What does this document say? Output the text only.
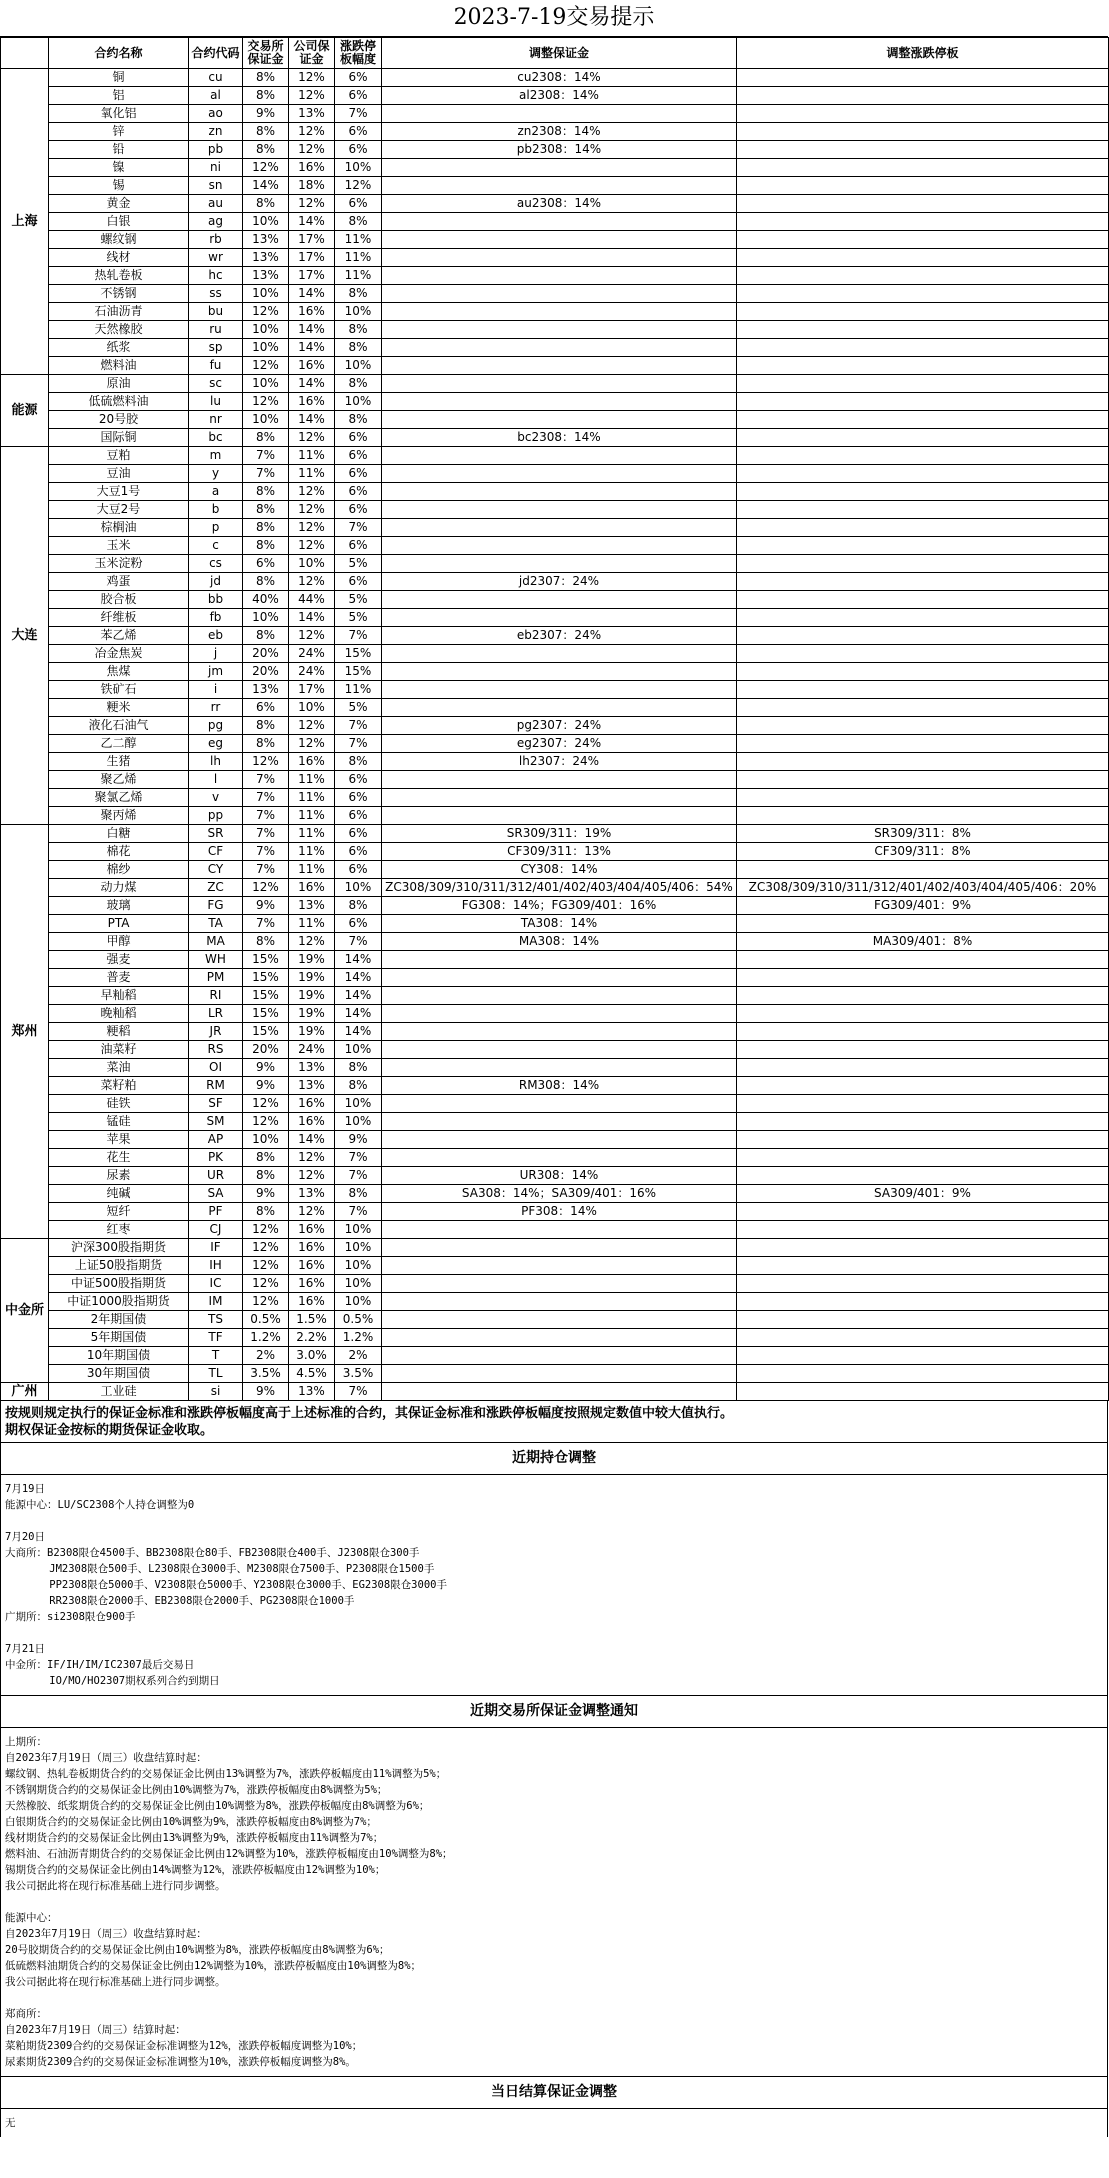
2023-7-19交易提示
	合约名称	合约代码	交易所保证金	公司保证金	涨跌停板幅度	调整保证金	调整涨跌停板
上海	铜	cu	8%	12%	6%	cu2308：14%	
	铝	al	8%	12%	6%	al2308：14%	
	氧化铝	ao	9%	13%	7%		
	锌	zn	8%	12%	6%	zn2308：14%	
	铅	pb	8%	12%	6%	pb2308：14%	
	镍	ni	12%	16%	10%		
	锡	sn	14%	18%	12%		
	黄金	au	8%	12%	6%	au2308：14%	
	白银	ag	10%	14%	8%		
	螺纹钢	rb	13%	17%	11%		
	线材	wr	13%	17%	11%		
	热轧卷板	hc	13%	17%	11%		
	不锈钢	ss	10%	14%	8%		
	石油沥青	bu	12%	16%	10%		
	天然橡胶	ru	10%	14%	8%		
	纸浆	sp	10%	14%	8%		
	燃料油	fu	12%	16%	10%		
能源	原油	sc	10%	14%	8%		
	低硫燃料油	lu	12%	16%	10%		
	20号胶	nr	10%	14%	8%		
	国际铜	bc	8%	12%	6%	bc2308：14%	
大连	豆粕	m	7%	11%	6%		
	豆油	y	7%	11%	6%		
	大豆1号	a	8%	12%	6%		
	大豆2号	b	8%	12%	6%		
	棕榈油	p	8%	12%	7%		
	玉米	c	8%	12%	6%		
	玉米淀粉	cs	6%	10%	5%		
	鸡蛋	jd	8%	12%	6%	jd2307：24%	
	胶合板	bb	40%	44%	5%		
	纤维板	fb	10%	14%	5%		
	苯乙烯	eb	8%	12%	7%	eb2307：24%	
	冶金焦炭	j	20%	24%	15%		
	焦煤	jm	20%	24%	15%		
	铁矿石	i	13%	17%	11%		
	粳米	rr	6%	10%	5%		
	液化石油气	pg	8%	12%	7%	pg2307：24%	
	乙二醇	eg	8%	12%	7%	eg2307：24%	
	生猪	lh	12%	16%	8%	lh2307：24%	
	聚乙烯	l	7%	11%	6%		
	聚氯乙烯	v	7%	11%	6%		
	聚丙烯	pp	7%	11%	6%		
郑州	白糖	SR	7%	11%	6%	SR309/311：19%	SR309/311：8%
	棉花	CF	7%	11%	6%	CF309/311：13%	CF309/311：8%
	棉纱	CY	7%	11%	6%	CY308：14%	
	动力煤	ZC	12%	16%	10%	ZC308/309/310/311/312/401/402/403/404/405/406：54%	ZC308/309/310/311/312/401/402/403/404/405/406：20%
	玻璃	FG	9%	13%	8%	FG308：14%；FG309/401：16%	FG309/401：9%
	PTA	TA	7%	11%	6%	TA308：14%	
	甲醇	MA	8%	12%	7%	MA308：14%	MA309/401：8%
	强麦	WH	15%	19%	14%		
	普麦	PM	15%	19%	14%		
	早籼稻	RI	15%	19%	14%		
	晚籼稻	LR	15%	19%	14%		
	粳稻	JR	15%	19%	14%		
	油菜籽	RS	20%	24%	10%		
	菜油	OI	9%	13%	8%		
	菜籽粕	RM	9%	13%	8%	RM308：14%	
	硅铁	SF	12%	16%	10%		
	锰硅	SM	12%	16%	10%		
	苹果	AP	10%	14%	9%		
	花生	PK	8%	12%	7%		
	尿素	UR	8%	12%	7%	UR308：14%	
	纯碱	SA	9%	13%	8%	SA308：14%；SA309/401：16%	SA309/401：9%
	短纤	PF	8%	12%	7%	PF308：14%	
	红枣	CJ	12%	16%	10%		
中金所	沪深300股指期货	IF	12%	16%	10%		
	上证50股指期货	IH	12%	16%	10%		
	中证500股指期货	IC	12%	16%	10%		
	中证1000股指期货	IM	12%	16%	10%		
	2年期国债	TS	0.5%	1.5%	0.5%		
	5年期国债	TF	1.2%	2.2%	1.2%		
	10年期国债	T	2%	3.0%	2%		
	30年期国债	TL	3.5%	4.5%	3.5%		
广州	工业硅	si	9%	13%	7%		
按规则规定执行的保证金标准和涨跌停板幅度高于上述标准的合约，其保证金标准和涨跌停板幅度按照规定数值中较大值执行。
期权保证金按标的期货保证金收取。
近期持仓调整
7月19日
能源中心：LU/SC2308个人持仓调整为0
7月20日
大商所：B2308限仓4500手、BB2308限仓80手、FB2308限仓400手、J2308限仓300手
JM2308限仓500手、L2308限仓3000手、M2308限仓7500手、P2308限仓1500手
PP2308限仓5000手、V2308限仓5000手、Y2308限仓3000手、EG2308限仓3000手
RR2308限仓2000手、EB2308限仓2000手、PG2308限仓1000手
广期所：si2308限仓900手
7月21日
中金所：IF/IH/IM/IC2307最后交易日
IO/MO/HO2307期权系列合约到期日
近期交易所保证金调整通知
上期所：
自2023年7月19日（周三）收盘结算时起：
螺纹钢、热轧卷板期货合约的交易保证金比例由13%调整为7%，涨跌停板幅度由11%调整为5%；
不锈钢期货合约的交易保证金比例由10%调整为7%，涨跌停板幅度由8%调整为5%；
天然橡胶、纸浆期货合约的交易保证金比例由10%调整为8%，涨跌停板幅度由8%调整为6%；
白银期货合约的交易保证金比例由10%调整为9%，涨跌停板幅度由8%调整为7%；
线材期货合约的交易保证金比例由13%调整为9%，涨跌停板幅度由11%调整为7%；
燃料油、石油沥青期货合约的交易保证金比例由12%调整为10%，涨跌停板幅度由10%调整为8%；
锡期货合约的交易保证金比例由14%调整为12%，涨跌停板幅度由12%调整为10%；
我公司据此将在现行标准基础上进行同步调整。
能源中心：
自2023年7月19日（周三）收盘结算时起：
20号胶期货合约的交易保证金比例由10%调整为8%，涨跌停板幅度由8%调整为6%；
低硫燃料油期货合约的交易保证金比例由12%调整为10%，涨跌停板幅度由10%调整为8%；
我公司据此将在现行标准基础上进行同步调整。
郑商所：
自2023年7月19日（周三）结算时起：
菜粕期货2309合约的交易保证金标准调整为12%，涨跌停板幅度调整为10%；
尿素期货2309合约的交易保证金标准调整为10%，涨跌停板幅度调整为8%。
当日结算保证金调整
无
